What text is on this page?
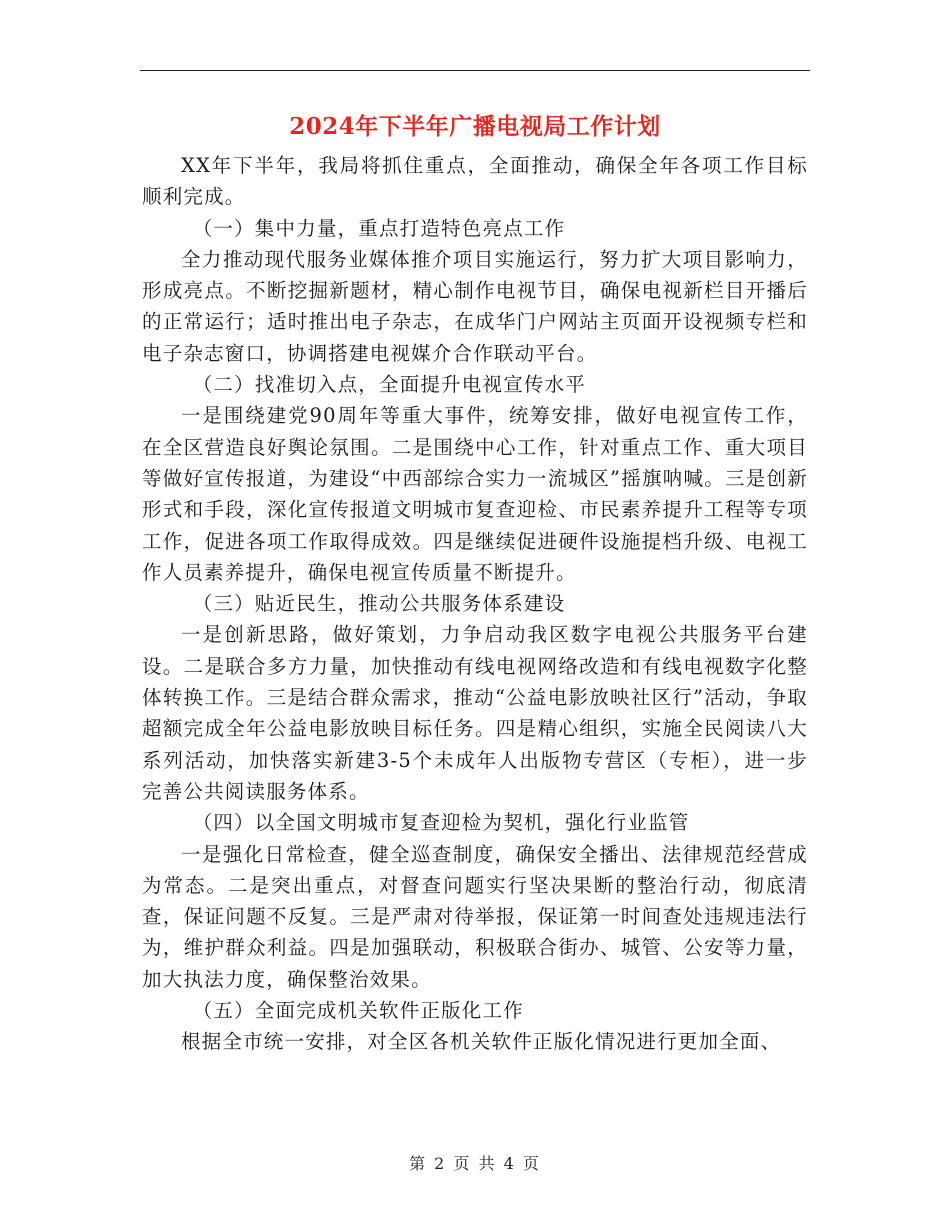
2024年下半年广播电视局工作计划

XX年下半年，我局将抓住重点，全面推动，确保全年各项工作目标顺利完成。

（一）集中力量，重点打造特色亮点工作

全力推动现代服务业媒体推介项目实施运行，努力扩大项目影响力，形成亮点。不断挖掘新题材，精心制作电视节目，确保电视新栏目开播后的正常运行；适时推出电子杂志，在成华门户网站主页面开设视频专栏和电子杂志窗口，协调搭建电视媒介合作联动平台。

（二）找准切入点，全面提升电视宣传水平

一是围绕建党90周年等重大事件，统筹安排，做好电视宣传工作，在全区营造良好舆论氛围。二是围绕中心工作，针对重点工作、重大项目等做好宣传报道，为建设“中西部综合实力一流城区”摇旗呐喊。三是创新形式和手段，深化宣传报道文明城市复查迎检、市民素养提升工程等专项工作，促进各项工作取得成效。四是继续促进硬件设施提档升级、电视工作人员素养提升，确保电视宣传质量不断提升。

（三）贴近民生，推动公共服务体系建设

一是创新思路，做好策划，力争启动我区数字电视公共服务平台建设。二是联合多方力量，加快推动有线电视网络改造和有线电视数字化整体转换工作。三是结合群众需求，推动“公益电影放映社区行”活动，争取超额完成全年公益电影放映目标任务。四是精心组织，实施全民阅读八大系列活动，加快落实新建3-5个未成年人出版物专营区（专柜），进一步完善公共阅读服务体系。

（四）以全国文明城市复查迎检为契机，强化行业监管

一是强化日常检查，健全巡查制度，确保安全播出、法律规范经营成为常态。二是突出重点，对督查问题实行坚决果断的整治行动，彻底清查，保证问题不反复。三是严肃对待举报，保证第一时间查处违规违法行为，维护群众利益。四是加强联动，积极联合街办、城管、公安等力量，加大执法力度，确保整治效果。

（五）全面完成机关软件正版化工作

根据全市统一安排，对全区各机关软件正版化情况进行更加全面、

第 2 页 共 4 页
